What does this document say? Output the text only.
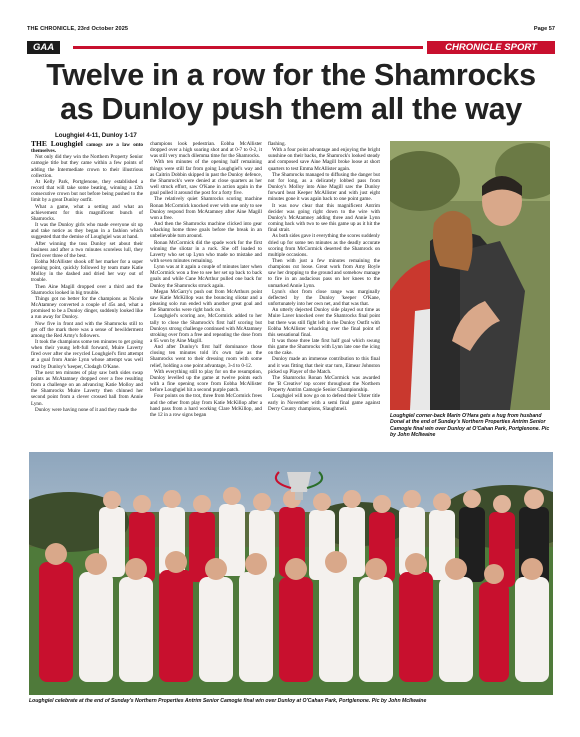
THE CHRONICLE, 23rd October 2025	Page 57
GAA	CHRONICLE SPORT
Twelve in a row for the Shamrocks
as Dunloy push them all the way
Loughgiel 4-11, Dunloy 1-17

THE Loughgiel camogs are a law onto themselves.

Not only did they win the Northern Property Senior camogie title but they came within a few points of adding the Intermediate crown to their illustrious collection.

At Kelly Park, Portglenone, they established a record that will take some beating, winning a 12th consecutive crown but not before being pushed to the limit by a great Dunloy outfit.

What a game, what a setting and what an achievement for this magnificent bunch of Shamrocks.

It was the Dunloy girls who made everyone sit up and take notice as they began in a fashion which suggested that the demise of Loughgiel was at hand.

After winning the toss Dunloy set about their business and after a two minutes scoreless lull, they fired over three of the best.

Eobha McAllister shook off her marker for a super opening point, quickly followed by team mate Katie Molloy in the dashed and dried her way out of trouble.

Then Aine Magill dropped over a third and the Shamrocks looked in big trouble.

Things got no better for the champions as Nicole McAtamney converted a couple of 45s and, what a promised to be a Dunloy dinger, suddenly looked like a run away for Dunloy.

Now five in front and with the Shamrocks still to get off the mark there was a sense of bewilderment among the Red Army's followers.

It took the champions some ten minutes to get going when their young left-full forward, Muire Laverty fired over after she recycled Loughgiel's first attempt at a goal from Annie Lynn whose attempt was well read by Dunloy's 'keeper, Clodagh O'Kane.

The next ten minutes of play saw both sides swap points as McAtamney dropped over a free resulting from a challenge on an advancing Katie Molloy and the Shamrocks Muire Laverty then chinned her second point from a clever crossed ball from Annie Lynn.

Dunloy were having none of it and they made the

champions look pedestrian. Eobha McAllister dropped over a high soaring shot and at 0-7 to 0-2, it was still very much dilemma time for the Shamrocks.

With ten minutes of the opening half remaining things were still far from going Loughgiel's way and as Caitrin Dobbin skipped in past the Dunloy defence, the Shamrock's were denied at close quarters as her well struck effort, saw O'Kane in action again in the goal pulled it around the post for a forty five.

The relatively quiet Shamrocks scoring machine Ronan McCormick knocked over with one only to see Dunloy respond from McAtamney after Aine Magill won a free.

And then the Shamrocks machine clicked into gear whacking home three goals before the break in an unbelievable turn around.

Ronan McCormick did the spade work for the first winning the sliotar in a ruck. She off loaded to Laverty who set up Lynn who made no mistake and with seven minutes remaining.

Lynn was at it again a couple of minutes later when McCormick won a free to see her set up back to back goals and while Cane McArthur pulled one back for Dunloy the Shamrocks struck again.

Megan McGarry's push out from McArthurs point saw Katie McKillop was the bouncing sliotar and a pleasing solo run ended with another great goal and the Shamrocks were right back on it.

Loughgiel's scoring ace, McCormick added to her tally to close the Shamrock's first half scoring but Dunloys strong challenge continued with McAtamney stroking over from a free and repeating the dose from a 65 won by Aine Magill.

And after Dunloy's first half dominance those closing ten minutes told it's own tale as the Shamrocks went to their dressing room with some relief, holding a one point advantage, 3-4 to 0-12.

With everything still to play for on the resumption, Dunloy levelled up the game at twelve points each with a fine opening score from Eobha McAllister before Loughgiel hit a second purple patch.

Four points on the trot, three from McCormick frees and the other from play from Katie McKillop after a hand pass from a hard working Clare McKillop, and the 12 in a row signs began

flashing.

With a four point advantage and enjoying the bright sunshine on their backs, the Shamrock's looked steady and composed save Aine Magill broke loose at short quarters to test Emma McAllister again.

The Shamrocks managed to diffusing the danger but not for long, as a delicately lobbed pass from Dunloy's Molloy into Aine Magill saw the Dunloy forward beat Keeper McAllister and with just eight minutes gone it was again back to one point game.

It was now clear that this magnificent Antrim decider was going right down to the wire with Dunloy's McAtamney adding three and Annie Lynn coming back with two to see this game up as it hit the final strait.

As both sides gave it everything the scores suddenly dried up for some ten minutes as the deadly accurate scoring from McCormick deserted the Shamrock on multiple occasions.

Then with just a few minutes remaining the champions cut loose. Great work from Amy Boyle saw her dropping to the ground and somehow manage to fire in an audacious pass on her knees to the unmarked Annie Lynn.

Lynn's shot from close range was marginally deflected by the Dunloy 'keeper O'Kane, unfortunately into her own net, and that was that.

An utterly dejected Dunloy side played out time as Muire Laver knocked over the Shamrocks final point but there was still fight left in the Dunloy Outfit with Eobha McAllister whacking over the final point of this sensational final.

It was those three late first half goal which swung this game the Shamrocks with Lynn late one the icing on the cake.

Dunloy made an immense contribution to this final and it was fitting that their star turn, Eimear Johnston picked up Player of the Match.

The Shamrocks Ronan McCormick was awarded the 'B Creative' top scorer throughout the Northern Property Antrim Camogie Senior Championship.

Loughgiel will now go on to defend their Ulster title early in November with a semi final game against Derry County champions, Slaughtneil.

Loughgiel corner-back Marin O'Hara gets a hug from husband Donal at the end of Sunday's Northern Properties Antrim Senior Camogie final win over Dunloy at O'Cahan Park, Portglenone. Pic by John McIlwaine
Loughgiel celebrate at the end of Sunday's Northern Properties Antrim Senior Camogie final win over Dunloy at O'Cahan Park, Portglenone. Pic by John McIlwaine
